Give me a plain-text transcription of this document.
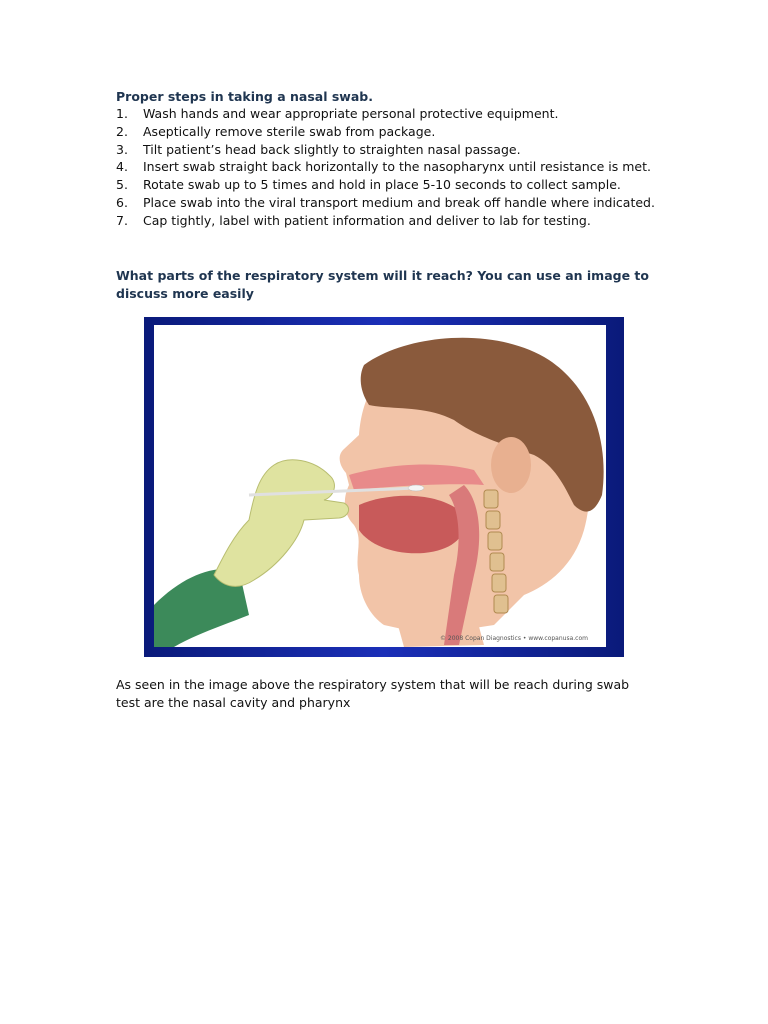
Proper steps in taking a nasal swab.
1. Wash hands and wear appropriate personal protective equipment.
2. Aseptically remove sterile swab from package.
3. Tilt patient’s head back slightly to straighten nasal passage.
4. Insert swab straight back horizontally to the nasopharynx until resistance is met.
5. Rotate swab up to 5 times and hold in place 5-10 seconds to collect sample.
6. Place swab into the viral transport medium and break off handle where indicated.
7. Cap tightly, label with patient information and deliver to lab for testing.
What parts of the respiratory system will it reach? You can use an image to discuss more easily
© 2008 Copan Diagnostics • www.copanusa.com
As seen in the image above the respiratory system that will be reach during swab test are the nasal cavity and pharynx
